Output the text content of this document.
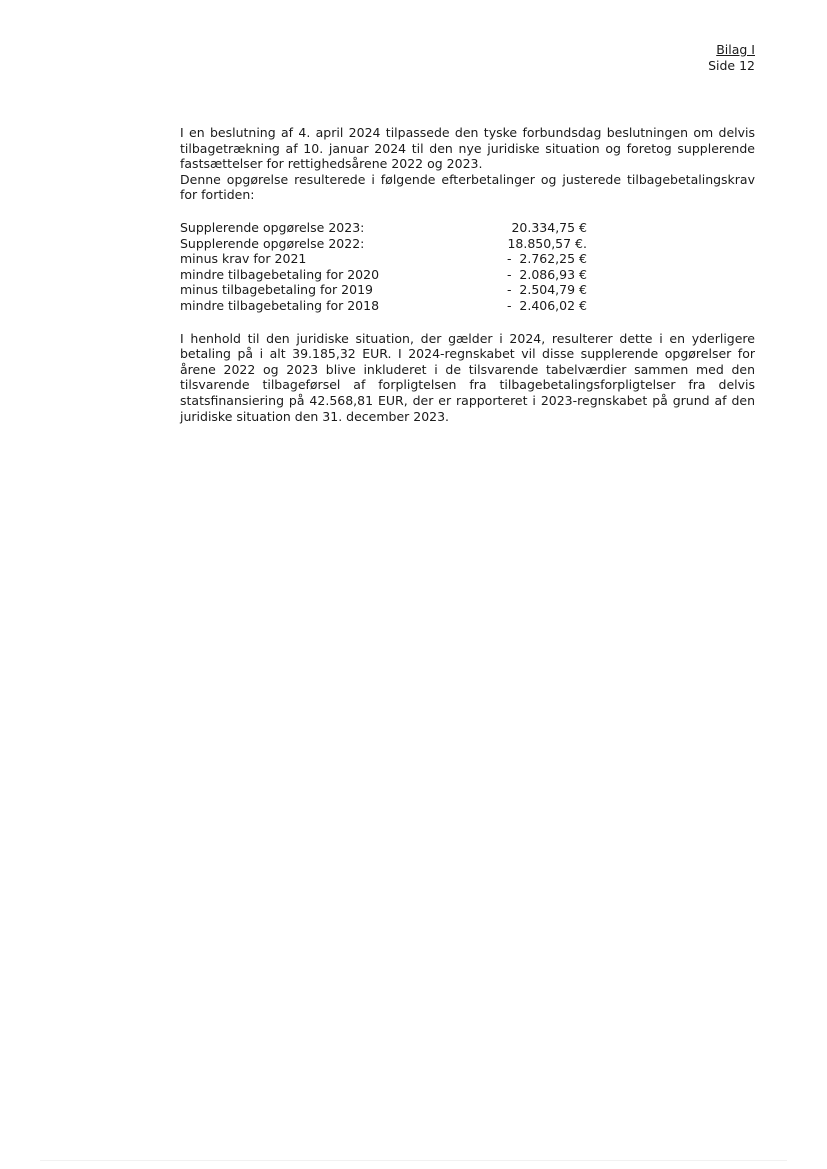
Bilag I
Side 12

I en beslutning af 4. april 2024 tilpassede den tyske forbundsdag beslutningen om delvis tilbagetrækning af 10. januar 2024 til den nye juridiske situation og foretog supplerende fastsættelser for rettighedsårene 2022 og 2023.

Denne opgørelse resulterede i følgende efterbetalinger og justerede tilbagebetalingskrav for fortiden:

Supplerende opgørelse 2023:	20.334,75 €
Supplerende opgørelse 2022:	18.850,57 €.
minus krav for 2021	-  2.762,25 €
mindre tilbagebetaling for 2020	-  2.086,93 €
minus tilbagebetaling for 2019	-  2.504,79 €
mindre tilbagebetaling for 2018	-  2.406,02 €

I henhold til den juridiske situation, der gælder i 2024, resulterer dette i en yderligere betaling på i alt 39.185,32 EUR. I 2024-regnskabet vil disse supplerende opgørelser for årene 2022 og 2023 blive inkluderet i de tilsvarende tabelværdier sammen med den tilsvarende tilbageførsel af forpligtelsen fra tilbagebetalingsforpligtelser fra delvis statsfinansiering på 42.568,81 EUR, der er rapporteret i 2023-regnskabet på grund af den juridiske situation den 31. december 2023.
